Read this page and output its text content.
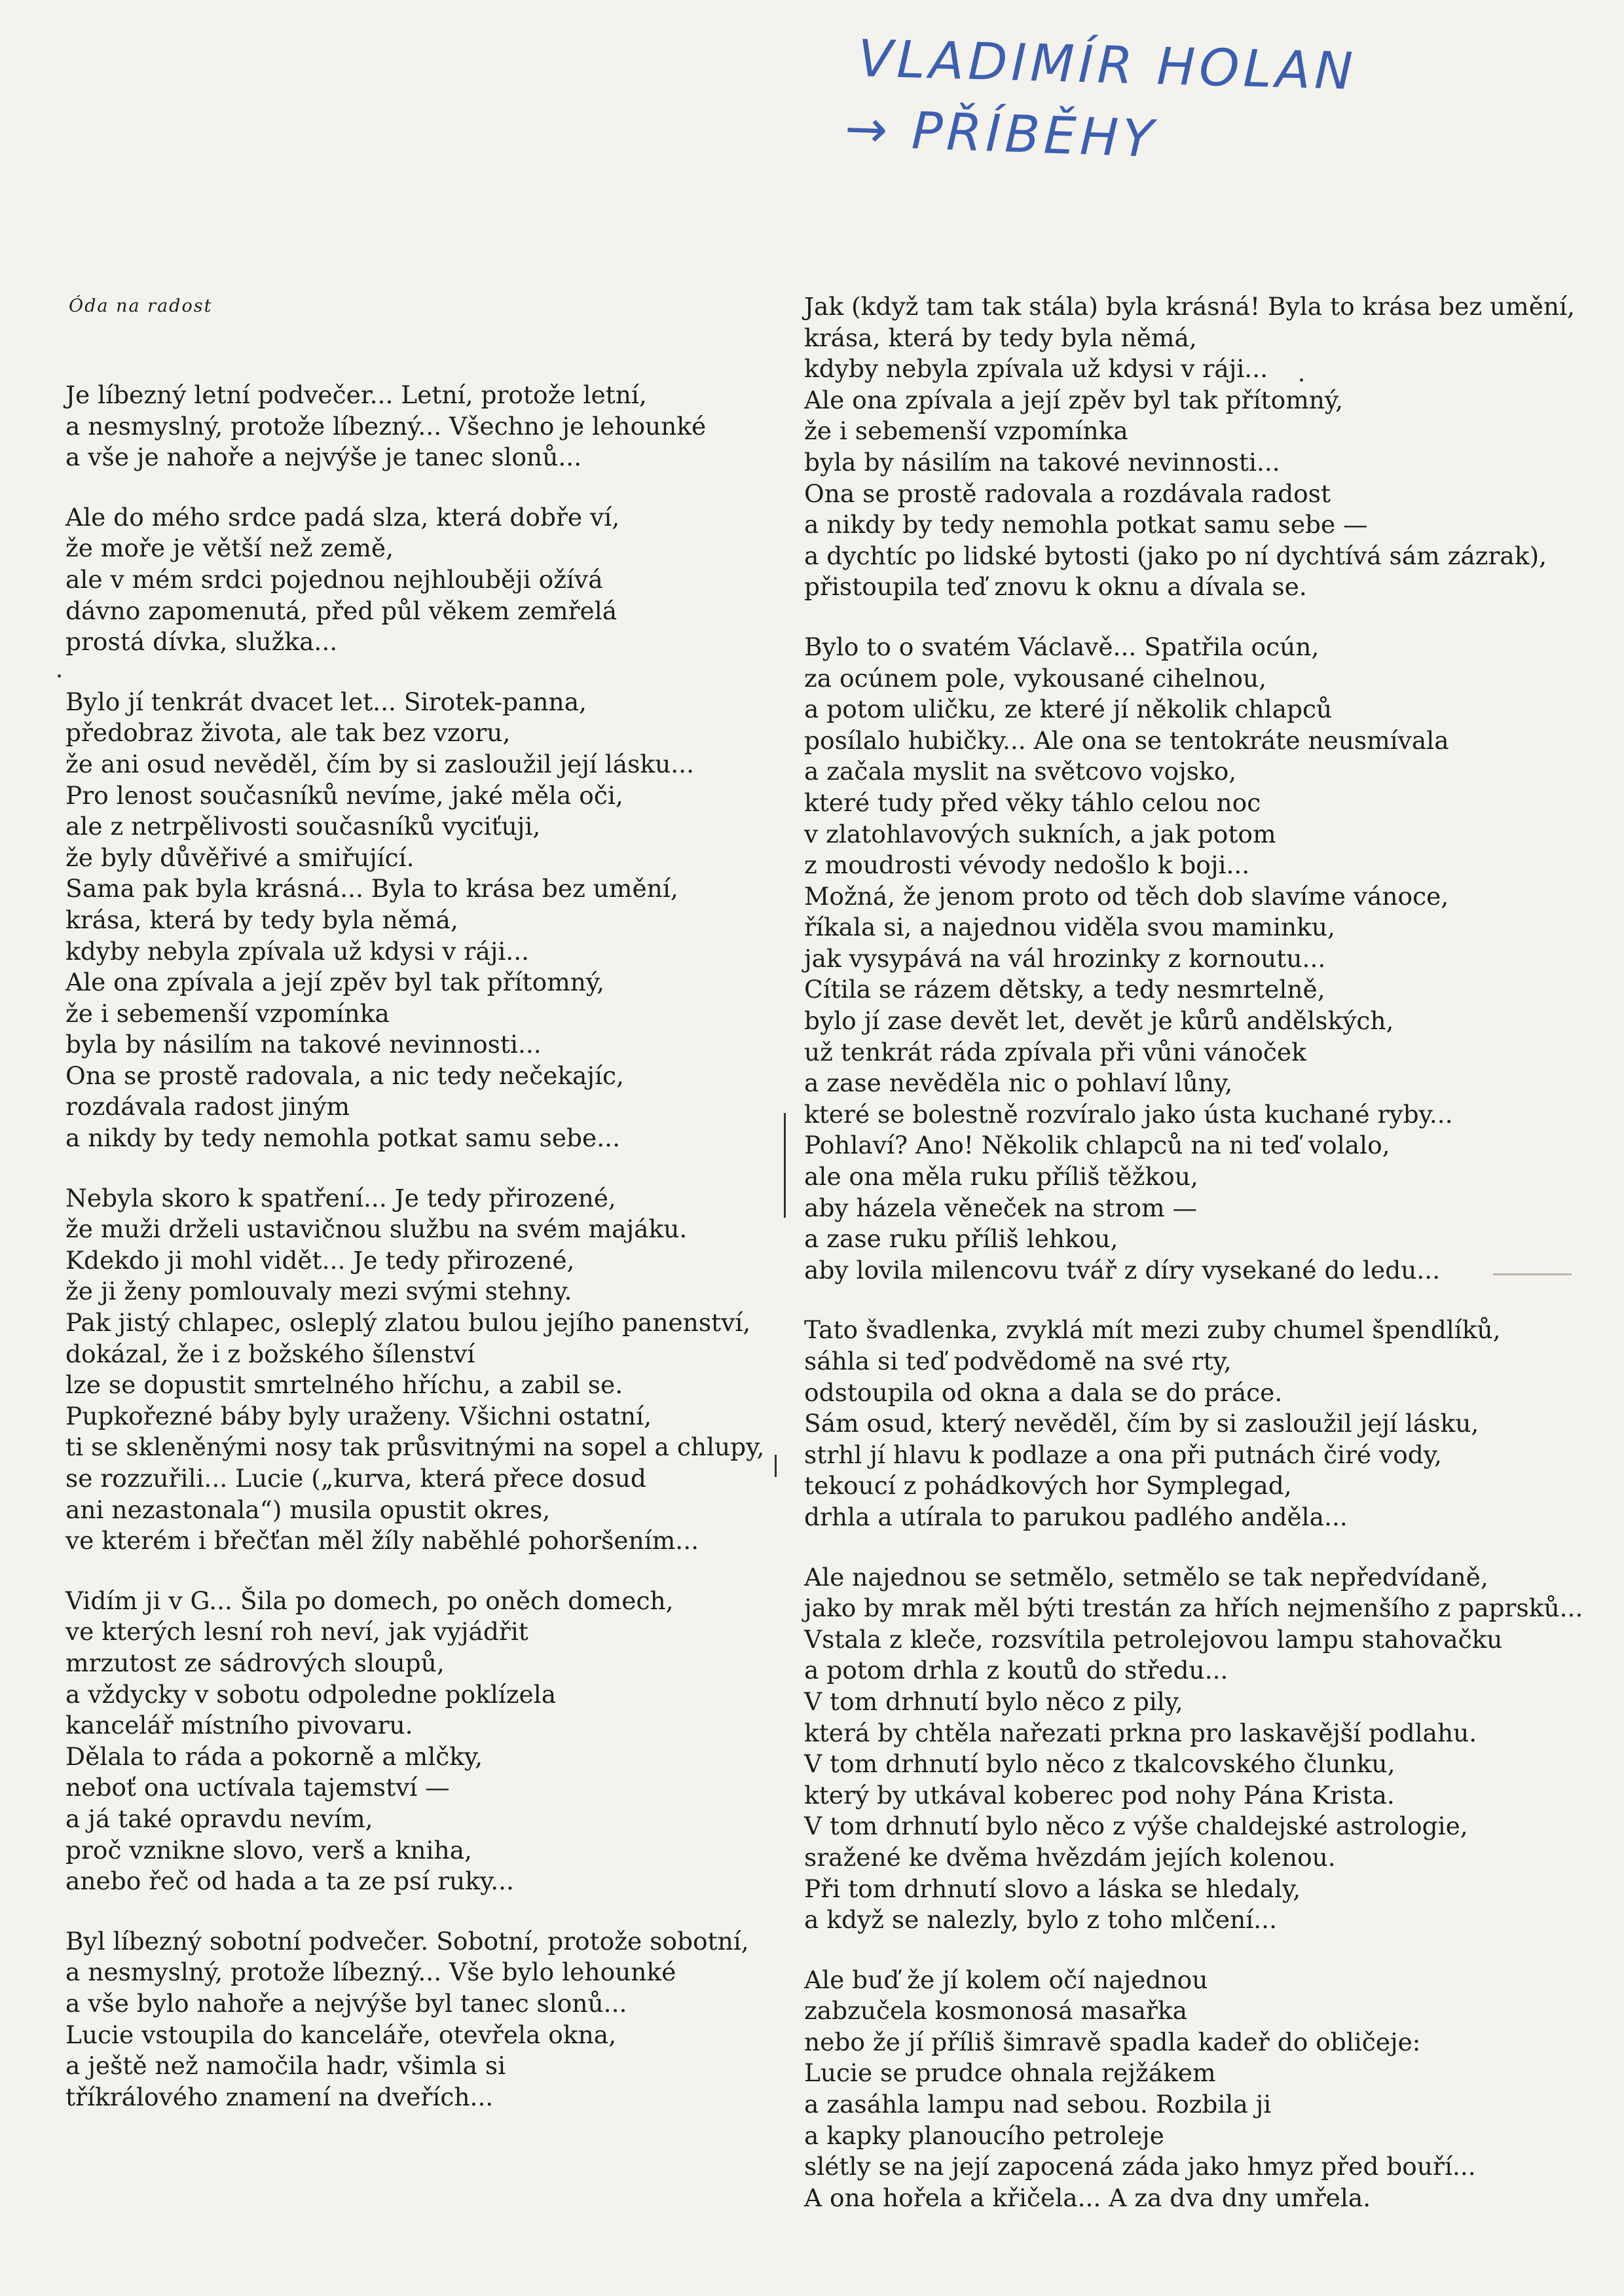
VLADIMÍR HOLAN
→ PŘÍBĚHY
Óda na radost
Je líbezný letní podvečer... Letní, protože letní,
a nesmyslný, protože líbezný... Všechno je lehounké
a vše je nahoře a nejvýše je tanec slonů...
Ale do mého srdce padá slza, která dobře ví,
že moře je větší než země,
ale v mém srdci pojednou nejhlouběji ožívá
dávno zapomenutá, před půl věkem zemřelá
prostá dívka, služka...
Bylo jí tenkrát dvacet let... Sirotek-panna,
předobraz života, ale tak bez vzoru,
že ani osud nevěděl, čím by si zasloužil její lásku...
Pro lenost současníků nevíme, jaké měla oči,
ale z netrpělivosti současníků vyciťuji,
že byly důvěřivé a smiřující.
Sama pak byla krásná... Byla to krása bez umění,
krása, která by tedy byla němá,
kdyby nebyla zpívala už kdysi v ráji...
Ale ona zpívala a její zpěv byl tak přítomný,
že i sebemenší vzpomínka
byla by násilím na takové nevinnosti...
Ona se prostě radovala, a nic tedy nečekajíc,
rozdávala radost jiným
a nikdy by tedy nemohla potkat samu sebe...
Nebyla skoro k spatření... Je tedy přirozené,
že muži drželi ustavičnou službu na svém majáku.
Kdekdo ji mohl vidět... Je tedy přirozené,
že ji ženy pomlouvaly mezi svými stehny.
Pak jistý chlapec, osleplý zlatou bulou jejího panenství,
dokázal, že i z božského šílenství
lze se dopustit smrtelného hříchu, a zabil se.
Pupkořezné báby byly uraženy. Všichni ostatní,
ti se skleněnými nosy tak průsvitnými na sopel a chlupy,
se rozzuřili... Lucie („kurva, která přece dosud
ani nezastonala“) musila opustit okres,
ve kterém i břečťan měl žíly naběhlé pohoršením...
Vidím ji v G... Šila po domech, po oněch domech,
ve kterých lesní roh neví, jak vyjádřit
mrzutost ze sádrových sloupů,
a vždycky v sobotu odpoledne poklízela
kancelář místního pivovaru.
Dělala to ráda a pokorně a mlčky,
neboť ona uctívala tajemství —
a já také opravdu nevím,
proč vznikne slovo, verš a kniha,
anebo řeč od hada a ta ze psí ruky...
Byl líbezný sobotní podvečer. Sobotní, protože sobotní,
a nesmyslný, protože líbezný... Vše bylo lehounké
a vše bylo nahoře a nejvýše byl tanec slonů...
Lucie vstoupila do kanceláře, otevřela okna,
a ještě než namočila hadr, všimla si
tříkrálového znamení na dveřích...
Jak (když tam tak stála) byla krásná! Byla to krása bez umění,
krása, která by tedy byla němá,
kdyby nebyla zpívala už kdysi v ráji...
Ale ona zpívala a její zpěv byl tak přítomný,
že i sebemenší vzpomínka
byla by násilím na takové nevinnosti...
Ona se prostě radovala a rozdávala radost
a nikdy by tedy nemohla potkat samu sebe —
a dychtíc po lidské bytosti (jako po ní dychtívá sám zázrak),
přistoupila teď znovu k oknu a dívala se.
Bylo to o svatém Václavě... Spatřila ocún,
za ocúnem pole, vykousané cihelnou,
a potom uličku, ze které jí několik chlapců
posílalo hubičky... Ale ona se tentokráte neusmívala
a začala myslit na světcovo vojsko,
které tudy před věky táhlo celou noc
v zlatohlavových sukních, a jak potom
z moudrosti vévody nedošlo k boji...
Možná, že jenom proto od těch dob slavíme vánoce,
říkala si, a najednou viděla svou maminku,
jak vysypává na vál hrozinky z kornoutu...
Cítila se rázem dětsky, a tedy nesmrtelně,
bylo jí zase devět let, devět je kůrů andělských,
už tenkrát ráda zpívala při vůni vánoček
a zase nevěděla nic o pohlaví lůny,
které se bolestně rozvíralo jako ústa kuchané ryby...
Pohlaví? Ano! Několik chlapců na ni teď volalo,
ale ona měla ruku příliš těžkou,
aby házela věneček na strom —
a zase ruku příliš lehkou,
aby lovila milencovu tvář z díry vysekané do ledu...
Tato švadlenka, zvyklá mít mezi zuby chumel špendlíků,
sáhla si teď podvědomě na své rty,
odstoupila od okna a dala se do práce.
Sám osud, který nevěděl, čím by si zasloužil její lásku,
strhl jí hlavu k podlaze a ona při putnách čiré vody,
tekoucí z pohádkových hor Symplegad,
drhla a utírala to parukou padlého anděla...
Ale najednou se setmělo, setmělo se tak nepředvídaně,
jako by mrak měl býti trestán za hřích nejmenšího z paprsků...
Vstala z kleče, rozsvítila petrolejovou lampu stahovačku
a potom drhla z koutů do středu...
V tom drhnutí bylo něco z pily,
která by chtěla nařezati prkna pro laskavější podlahu.
V tom drhnutí bylo něco z tkalcovského člunku,
který by utkával koberec pod nohy Pána Krista.
V tom drhnutí bylo něco z výše chaldejské astrologie,
sražené ke dvěma hvězdám jejích kolenou.
Při tom drhnutí slovo a láska se hledaly,
a když se nalezly, bylo z toho mlčení...
Ale buď že jí kolem očí najednou
zabzučela kosmonosá masařka
nebo že jí příliš šimravě spadla kadeř do obličeje:
Lucie se prudce ohnala rejžákem
a zasáhla lampu nad sebou. Rozbila ji
a kapky planoucího petroleje
slétly se na její zapocená záda jako hmyz před bouří...
A ona hořela a křičela... A za dva dny umřela.
